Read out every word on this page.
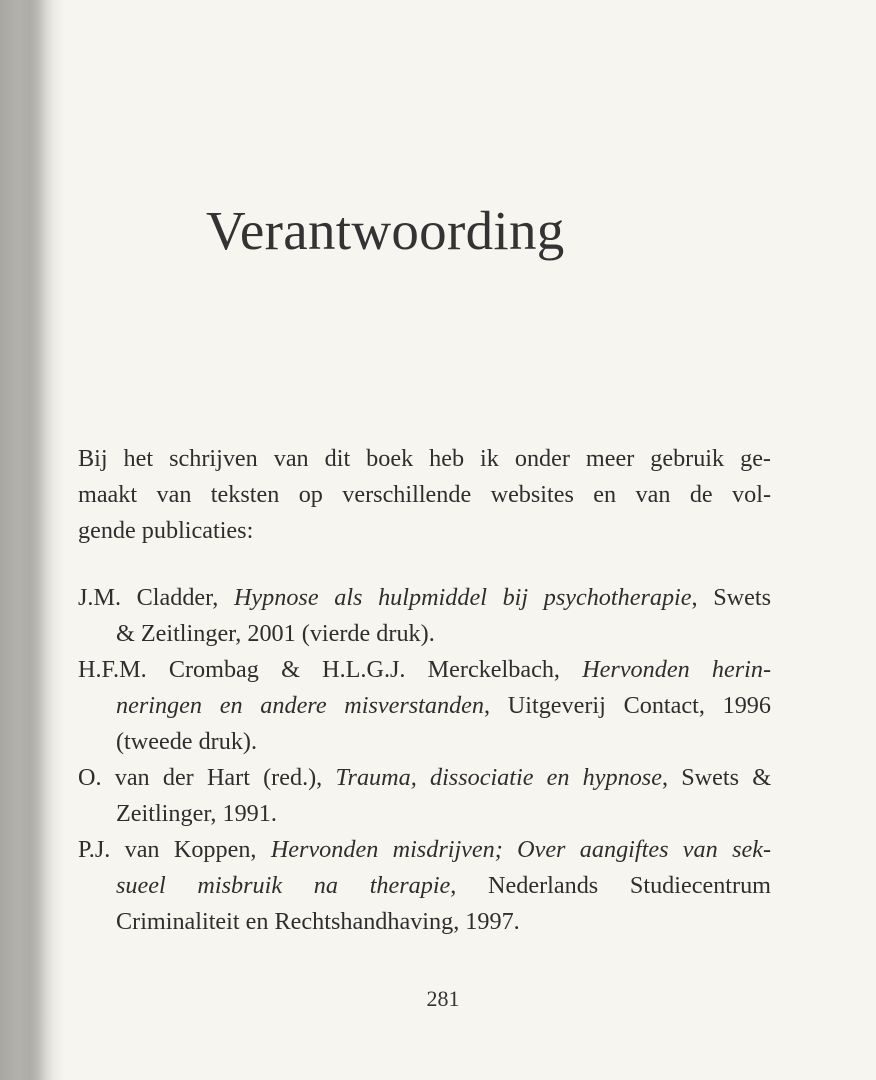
Verantwoording
Bij het schrijven van dit boek heb ik onder meer gebruik ge-
maakt van teksten op verschillende websites en van de vol-
gende publicaties:
J.M. Cladder, Hypnose als hulpmiddel bij psychotherapie, Swets
& Zeitlinger, 2001 (vierde druk).
H.F.M. Crombag & H.L.G.J. Merckelbach, Hervonden herin-
neringen en andere misverstanden, Uitgeverij Contact, 1996
(tweede druk).
O. van der Hart (red.), Trauma, dissociatie en hypnose, Swets &
Zeitlinger, 1991.
P.J. van Koppen, Hervonden misdrijven; Over aangiftes van sek-
sueel misbruik na therapie, Nederlands Studiecentrum
Criminaliteit en Rechtshandhaving, 1997.
281
